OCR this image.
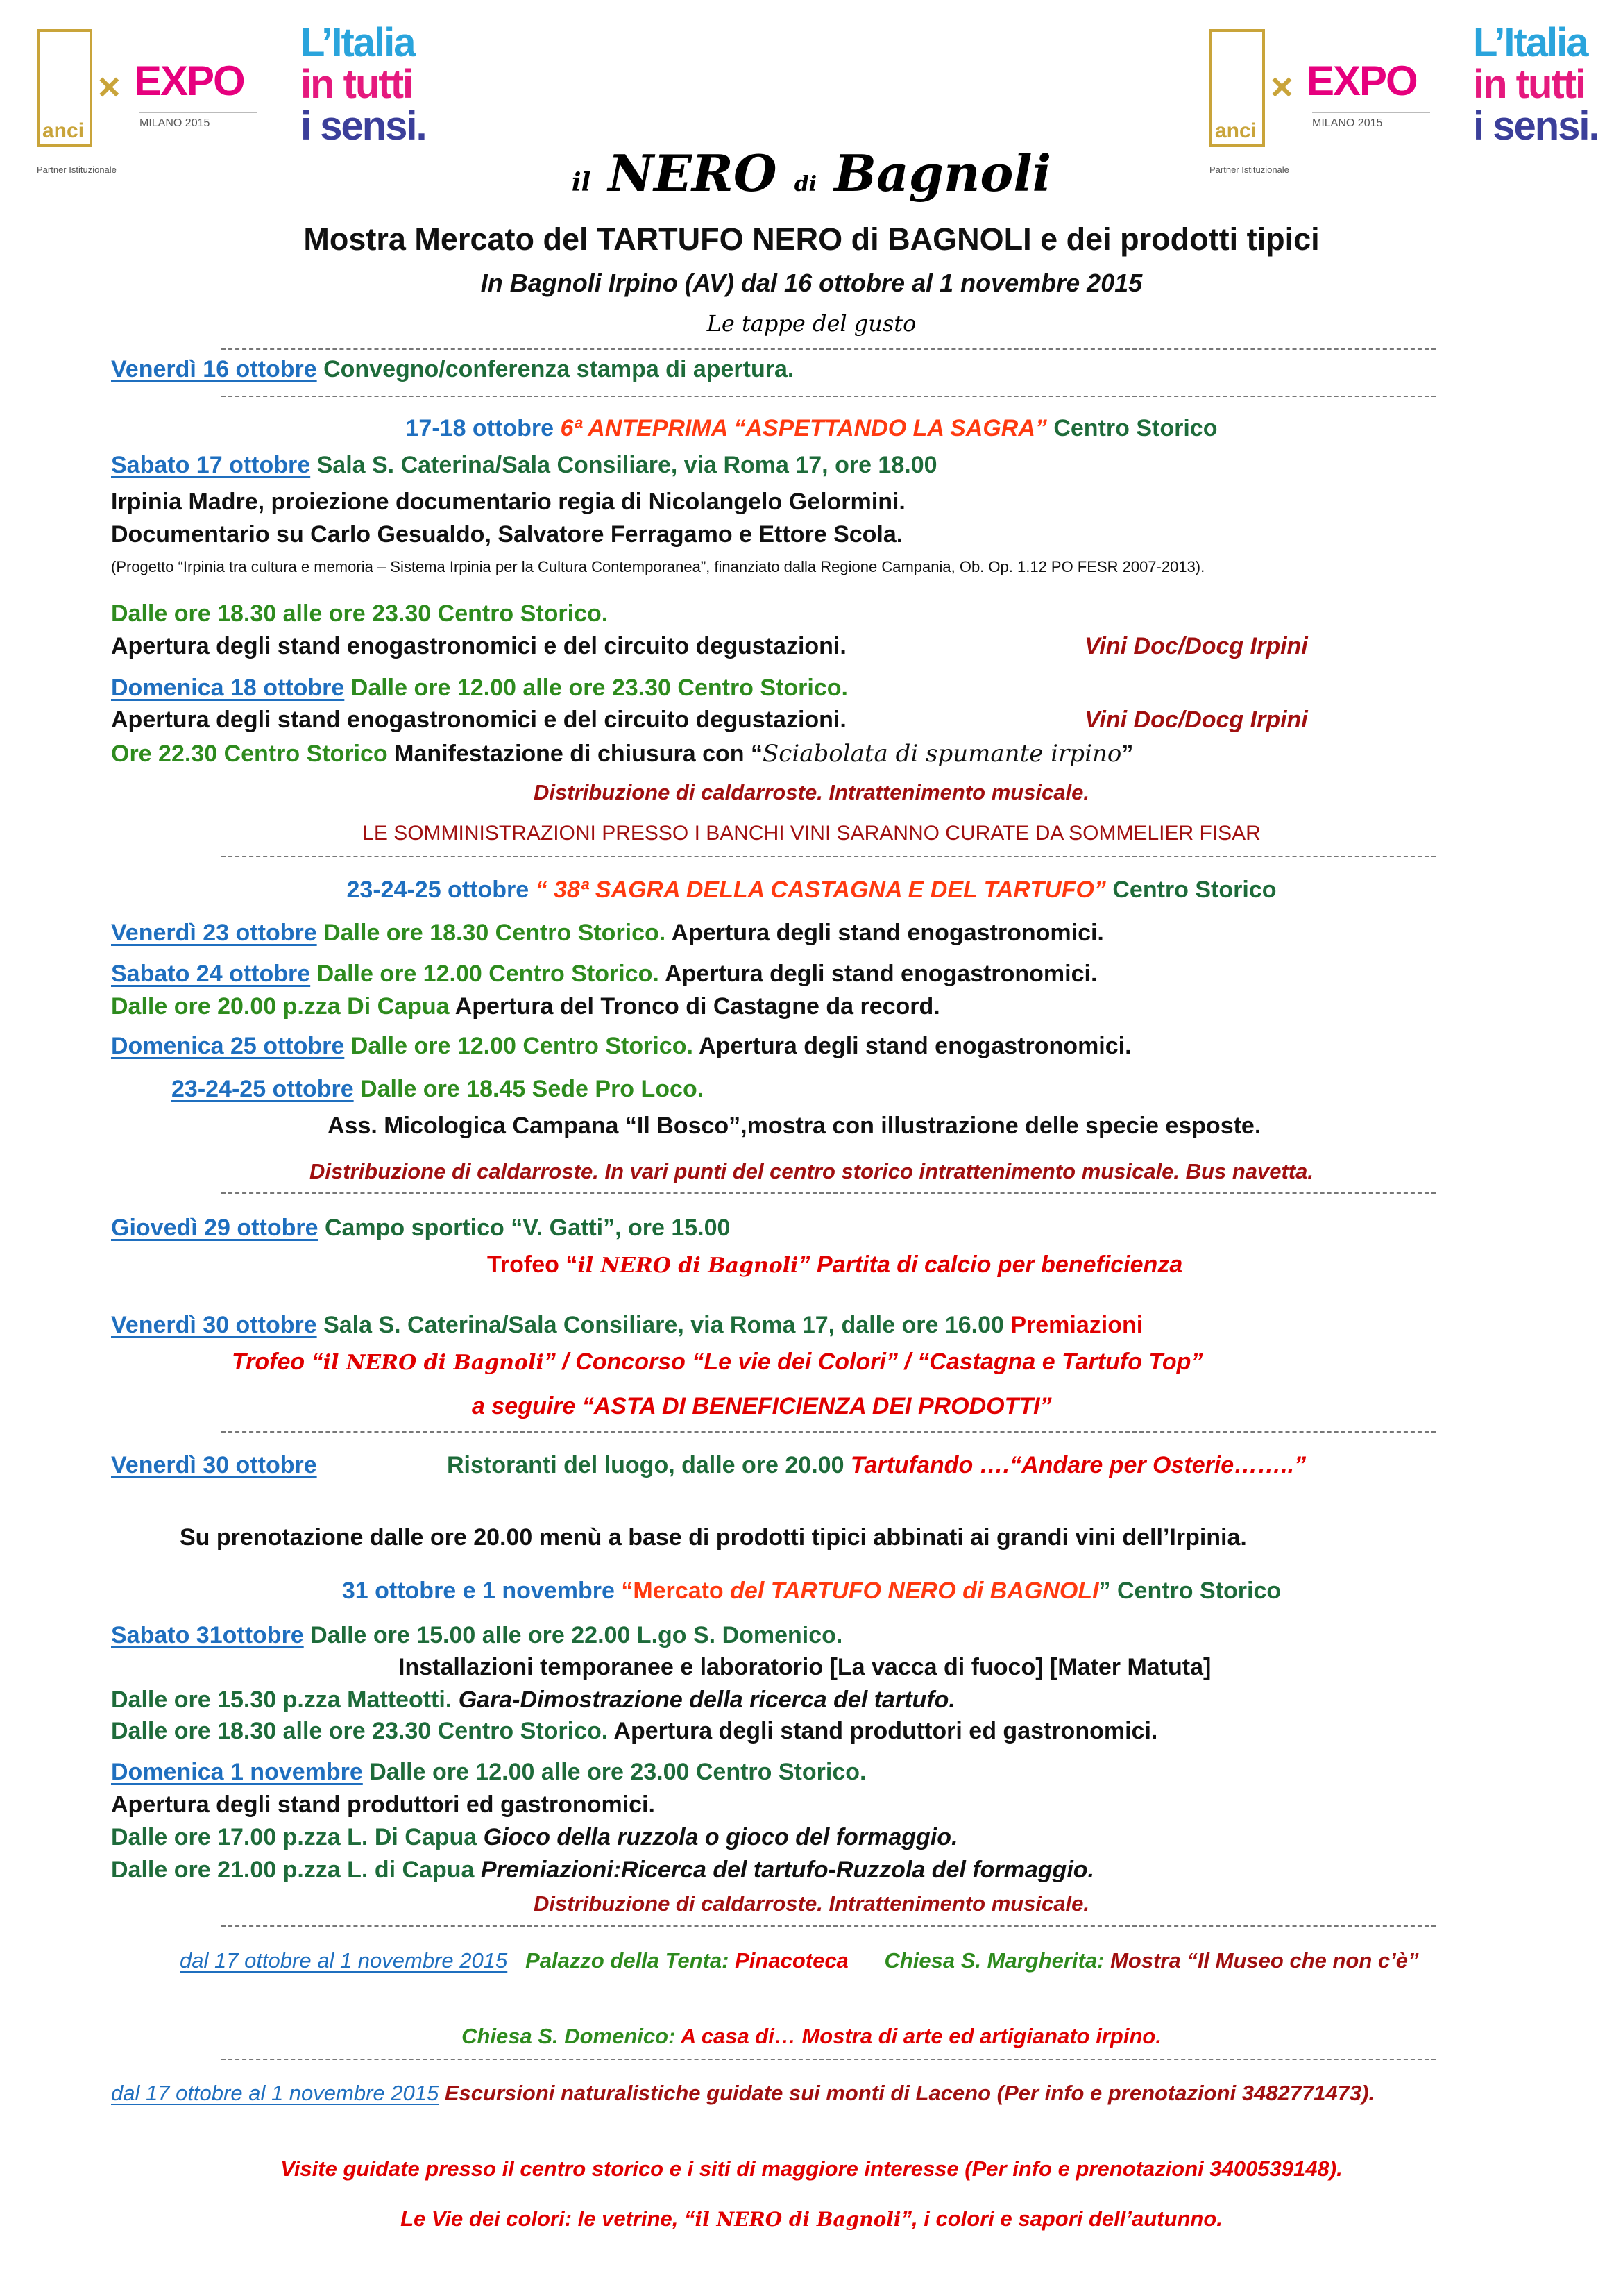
anci
× EXPO
MILANO 2015
Partner Istituzionale
L’Italia
in tutti
i sensi.	anci
× EXPO
MILANO 2015
Partner Istituzionale
L’Italia
in tutti
i sensi.
il NERO di Bagnoli
Mostra Mercato del TARTUFO NERO di BAGNOLI e dei prodotti tipici
In Bagnoli Irpino (AV) dal 16 ottobre al 1 novembre 2015
Le tappe del gusto
Venerdì 16 ottobre Convegno/conferenza stampa di apertura.
17-18 ottobre 6ª ANTEPRIMA “ASPETTANDO LA SAGRA” Centro Storico
Sabato 17 ottobre Sala S. Caterina/Sala Consiliare, via Roma 17, ore 18.00
Irpinia Madre, proiezione documentario regia di Nicolangelo Gelormini.
Documentario su Carlo Gesualdo, Salvatore Ferragamo e Ettore Scola.
(Progetto “Irpinia tra cultura e memoria – Sistema Irpinia per la Cultura Contemporanea”, finanziato dalla Regione Campania, Ob. Op. 1.12 PO FESR 2007-2013).
Dalle ore 18.30 alle ore 23.30 Centro Storico.
Apertura degli stand enogastronomici e del circuito degustazioni.	Vini Doc/Docg Irpini
Domenica 18 ottobre Dalle ore 12.00 alle ore 23.30 Centro Storico.
Apertura degli stand enogastronomici e del circuito degustazioni.	Vini Doc/Docg Irpini
Ore 22.30 Centro Storico Manifestazione di chiusura con “Sciabolata di spumante irpino”
Distribuzione di caldarroste. Intrattenimento musicale.
LE SOMMINISTRAZIONI PRESSO I BANCHI VINI SARANNO CURATE DA SOMMELIER FISAR
23-24-25 ottobre “ 38ª SAGRA DELLA CASTAGNA E DEL TARTUFO” Centro Storico
Venerdì 23 ottobre Dalle ore 18.30 Centro Storico. Apertura degli stand enogastronomici.
Sabato 24 ottobre Dalle ore 12.00 Centro Storico. Apertura degli stand enogastronomici.
Dalle ore 20.00 p.zza Di Capua Apertura del Tronco di Castagne da record.
Domenica 25 ottobre Dalle ore 12.00 Centro Storico. Apertura degli stand enogastronomici.
23-24-25 ottobre Dalle ore 18.45 Sede Pro Loco.
Ass. Micologica Campana “Il Bosco”,mostra con illustrazione delle specie esposte.
Distribuzione di caldarroste. In vari punti del centro storico intrattenimento musicale. Bus navetta.
Giovedì 29 ottobre Campo sportico “V. Gatti”, ore 15.00
Trofeo “il NERO di Bagnoli” Partita di calcio per beneficienza
Venerdì 30 ottobre Sala S. Caterina/Sala Consiliare, via Roma 17, dalle ore 16.00 Premiazioni
Trofeo “il NERO di Bagnoli” / Concorso “Le vie dei Colori” / “Castagna e Tartufo Top”
a seguire “ASTA DI BENEFICIENZA DEI PRODOTTI”
Venerdì 30 ottobre	Ristoranti del luogo, dalle ore 20.00 Tartufando ….“Andare per Osterie……..”
Su prenotazione dalle ore 20.00 menù a base di prodotti tipici abbinati ai grandi vini dell’Irpinia.
31 ottobre e 1 novembre “Mercato del TARTUFO NERO di BAGNOLI” Centro Storico
Sabato 31ottobre Dalle ore 15.00 alle ore 22.00 L.go S. Domenico.
Installazioni temporanee e laboratorio [La vacca di fuoco] [Mater Matuta]
Dalle ore 15.30 p.zza Matteotti. Gara-Dimostrazione della ricerca del tartufo.
Dalle ore 18.30 alle ore 23.30 Centro Storico. Apertura degli stand produttori ed gastronomici.
Domenica 1 novembre Dalle ore 12.00 alle ore 23.00 Centro Storico.
Apertura degli stand produttori ed gastronomici.
Dalle ore 17.00 p.zza L. Di Capua Gioco della ruzzola o gioco del formaggio.
Dalle ore 21.00 p.zza L. di Capua Premiazioni:Ricerca del tartufo-Ruzzola del formaggio.
Distribuzione di caldarroste. Intrattenimento musicale.
dal 17 ottobre al 1 novembre 2015   Palazzo della Tenta: Pinacoteca      Chiesa S. Margherita: Mostra “Il Museo che non c’è”
Chiesa S. Domenico: A casa di… Mostra di arte ed artigianato irpino.
dal 17 ottobre al 1 novembre 2015 Escursioni naturalistiche guidate sui monti di Laceno (Per info e prenotazioni 3482771473).
Visite guidate presso il centro storico e i siti di maggiore interesse (Per info e prenotazioni 3400539148).
Le Vie dei colori: le vetrine, “il NERO di Bagnoli”, i colori e sapori dell’autunno.
